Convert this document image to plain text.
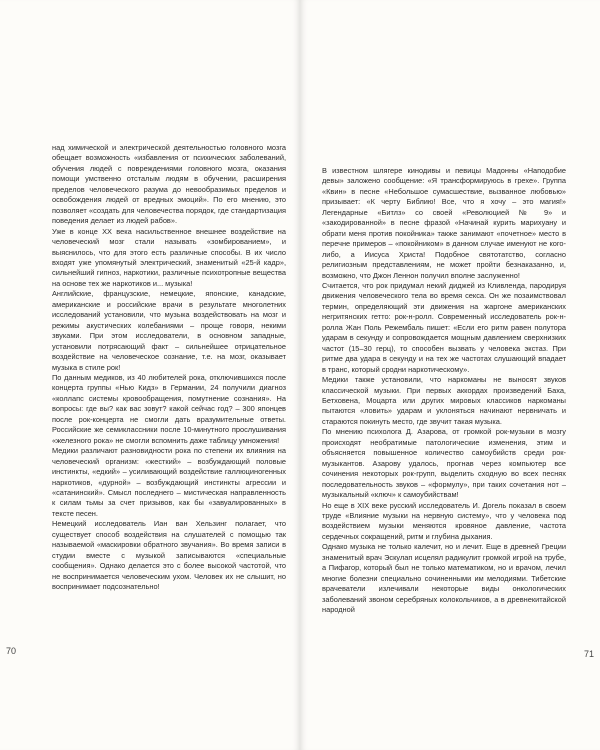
над химической и электрической деятельностью головного мозга обещает возможность «избавления от психических заболеваний, обучения людей с повреждениями головного мозга, оказания помощи умственно отсталым людям в обучении, расширения пределов человеческого разума до невообразимых пределов и освобождения людей от вредных эмоций». По его мнению, это позволяет «создать для человечества порядок, где стандартизация поведения делает из людей рабов».

Уже в конце XX века насильственное внешнее воздействие на человеческий мозг стали называть «зомбированием», и выяснилось, что для этого есть различные способы. В их число входят уже упомянутый электрический, знаменитый «25-й кадр», сильнейший гипноз, наркотики, различные психотропные вещества на основе тех же наркотиков и... музыка!

Английские, французские, немецкие, японские, канадские, американские и российские врачи в результате многолетних исследований установили, что музыка воздействовать на мозг и режимы акустических колебаниями – проще говоря, некими звуками. При этом исследователи, в основном западные, установили потрясающий факт – сильнейшее отрицательное воздействие на человеческое сознание, т.е. на мозг, оказывает музыка в стиле рок!

По данным медиков, из 40 любителей рока, отключившихся после концерта группы «Нью Кидз» в Германии, 24 получили диагноз «коллапс системы кровообращения, помутнение сознания». На вопросы: где вы? как вас зовут? какой сейчас год? – 300 японцев после рок-концерта не смогли дать вразумительные ответы. Российские же семиклассники после 10-минутного прослушивания «железного рока» не смогли вспомнить даже таблицу умножения!

Медики различают разновидности рока по степени их влияния на человеческий организм: «жесткий» – возбуждающий половые инстинкты, «едкий» – усиливающий воздействие галлюциногенных наркотиков, «дурной» – возбуждающий инстинкты агрессии и «сатанинский». Смысл последнего – мистическая направленность к силам тьмы за счет призывов, как бы «завуалированных» в тексте песен.

Немецкий исследователь Иан ван Хельзинг полагает, что существует способ воздействия на слушателей с помощью так называемой «маскировки обратного звучания». Во время записи в студии вместе с музыкой записываются «специальные сообщения». Однако делается это с более высокой частотой, что не воспринимается человеческим ухом. Человек их не слышит, но воспринимает подсознательно!

70

В известном шлягере кинодивы и певицы Мадонны «Наподобие девы» заложено сообщение: «Я трансформируюсь в грехе». Группа «Квин» в песне «Небольшое сумасшествие, вызванное любовью» призывает: «К черту Библию! Все, что я хочу – это магия!» Легендарные «Битлз» со своей «Революцией № 9» и «закодированной» в песне фразой «Начинай курить марихуану и обрати меня против покойника» также занимают «почетное» место в перечне примеров – «покойником» в данном случае именуют не кого-либо, а Иисуса Христа! Подобное святотатство, согласно религиозным представлениям, не может пройти безнаказанно, и, возможно, что Джон Леннон получил вполне заслуженно!

Считается, что рок придумал некий диджей из Кливленда, пародируя движения человеческого тела во время секса. Он же позаимствовал термин, определяющий эти движения на жаргоне американских негритянских гетто: рок-н-ролл. Современный исследователь рок-н-ролла Жан Поль Режембаль пишет: «Если его ритм равен полутора ударам в секунду и сопровождается мощным давлением сверхнизких частот (15–30 герц), то способен вызвать у человека экстаз. При ритме два удара в секунду и на тех же частотах слушающий впадает в транс, который сродни наркотическому».

Медики также установили, что наркоманы не выносят звуков классической музыки. При первых аккордах произведений Баха, Бетховена, Моцарта или других мировых классиков наркоманы пытаются «ловить» ударам и уклоняться начинают нервничать и стараются покинуть место, где звучит такая музыка.

По мнению психолога Д. Азарова, от громкой рок-музыки в мозгу происходят необратимые патологические изменения, этим и объясняется повышенное количество самоубийств среди рок-музыкантов. Азарову удалось, прогнав через компьютер все сочинения некоторых рок-групп, выделить сходную во всех песнях последовательность звуков – «формулу», при таких сочетания нот – музыкальный «ключ» к самоубийствам!

Но еще в XIX веке русский исследователь И. Догель показал в своем труде «Влияние музыки на нервную систему», что у человека под воздействием музыки меняются кровяное давление, частота сердечных сокращений, ритм и глубина дыхания.

Однако музыка не только калечит, но и лечит. Еще в древней Греции знаменитый врач Эскулап исцелял радикулит громкой игрой на трубе, а Пифагор, который был не только математиком, но и врачом, лечил многие болезни специально сочиненными им мелодиями. Тибетские врачеватели излечивали некоторые виды онкологических заболеваний звоном серебряных колокольчиков, а в древнекитайской народной

71
